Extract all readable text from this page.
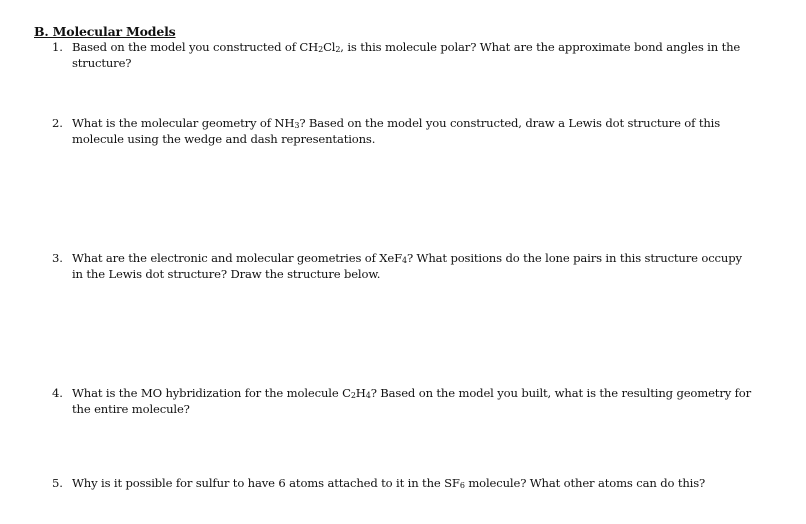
B. Molecular Models
1. Based on the model you constructed of $CH_2Cl_2$, is this molecule polar? What are the approximate bond angles in the structure?
2. What is the molecular geometry of $NH_3$? Based on the model you constructed, draw a Lewis dot structure of this molecule using the wedge and dash representations.
3. What are the electronic and molecular geometries of XeF$_4$? What positions do the lone pairs in this structure occupy in the Lewis dot structure? Draw the structure below.
4. What is the MO hybridization for the molecule $C_2H_4$? Based on the model you built, what is the resulting geometry for the entire molecule?
5. Why is it possible for sulfur to have 6 atoms attached to it in the $SF_6$ molecule? What other atoms can do this?
